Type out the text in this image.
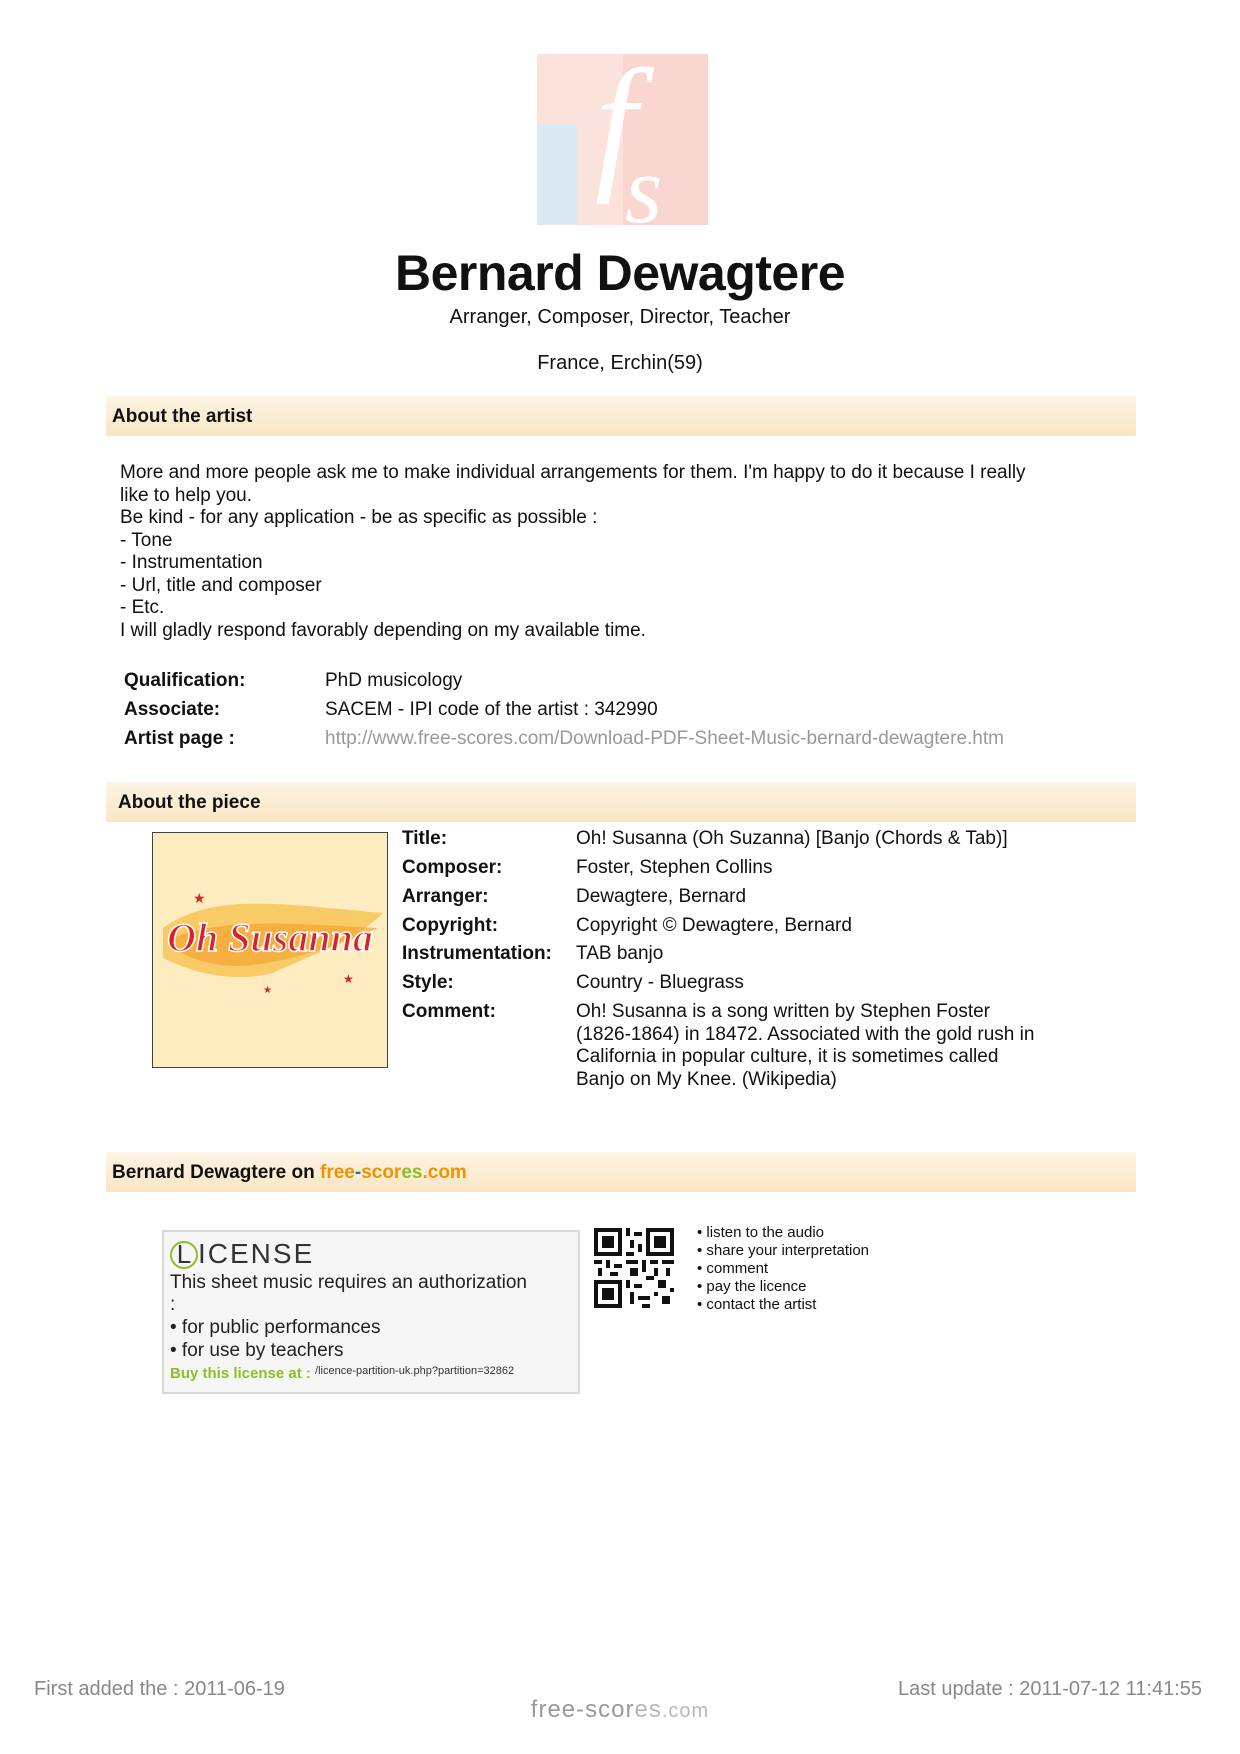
f
s
Bernard Dewagtere
Arranger, Composer, Director, Teacher
France, Erchin(59)
About the artist
More and more people ask me to make individual arrangements for them. I'm happy to do it because I really
like to help you.
Be kind - for any application - be as specific as possible :
- Tone
- Instrumentation
- Url, title and composer
- Etc.
I will gladly respond favorably depending on my available time.
Qualification:	PhD musicology
Associate:	SACEM - IPI code of the artist : 342990
Artist page :	http://www.free-scores.com/Download-PDF-Sheet-Music-bernard-dewagtere.htm
About the piece
Oh Susanna
★
★
★
Title:	Oh! Susanna (Oh Suzanna) [Banjo (Chords & Tab)]
Composer:	Foster, Stephen Collins
Arranger:	Dewagtere, Bernard
Copyright:	Copyright © Dewagtere, Bernard
Instrumentation: TAB banjo
Style:	Country - Bluegrass
Comment:	Oh! Susanna is a song written by Stephen Foster
(1826-1864) in 18472. Associated with the gold rush in
California in popular culture, it is sometimes called
Banjo on My Knee. (Wikipedia)
Bernard Dewagtere on free-scores.com
L ICENSE
This sheet music requires an authorization
:
• for public performances
• for use by teachers
Buy this license at : $^{/licence-partition-uk.php?partition=32862}$
• listen to the audio
• share your interpretation
• comment
• pay the licence
• contact the artist
First added the : 2011-06-19	Last update : 2011-07-12 11:41:55
free-scores.com
